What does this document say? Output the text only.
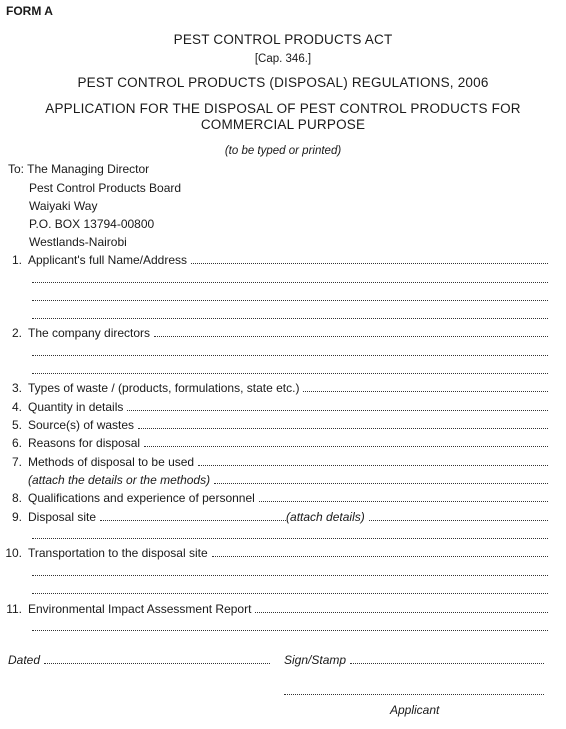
FORM A
PEST CONTROL PRODUCTS ACT
[Cap. 346.]
PEST CONTROL PRODUCTS (DISPOSAL) REGULATIONS, 2006
APPLICATION FOR THE DISPOSAL OF PEST CONTROL PRODUCTS FOR
COMMERCIAL PURPOSE
(to be typed or printed)
To: The Managing Director
Pest Control Products Board
Waiyaki Way
P.O. BOX 13794-00800
Westlands-Nairobi
1. Applicant's full Name/Address
2. The company directors
3. Types of waste / (products, formulations, state etc.)
4. Quantity in details
5. Source(s) of wastes
6. Reasons for disposal
7. Methods of disposal to be used
(attach the details or the methods)
8. Qualifications and experience of personnel
9. Disposal site	(attach details)
10. Transportation to the disposal site
11. Environmental Impact Assessment Report
Dated	Sign/Stamp
Applicant
